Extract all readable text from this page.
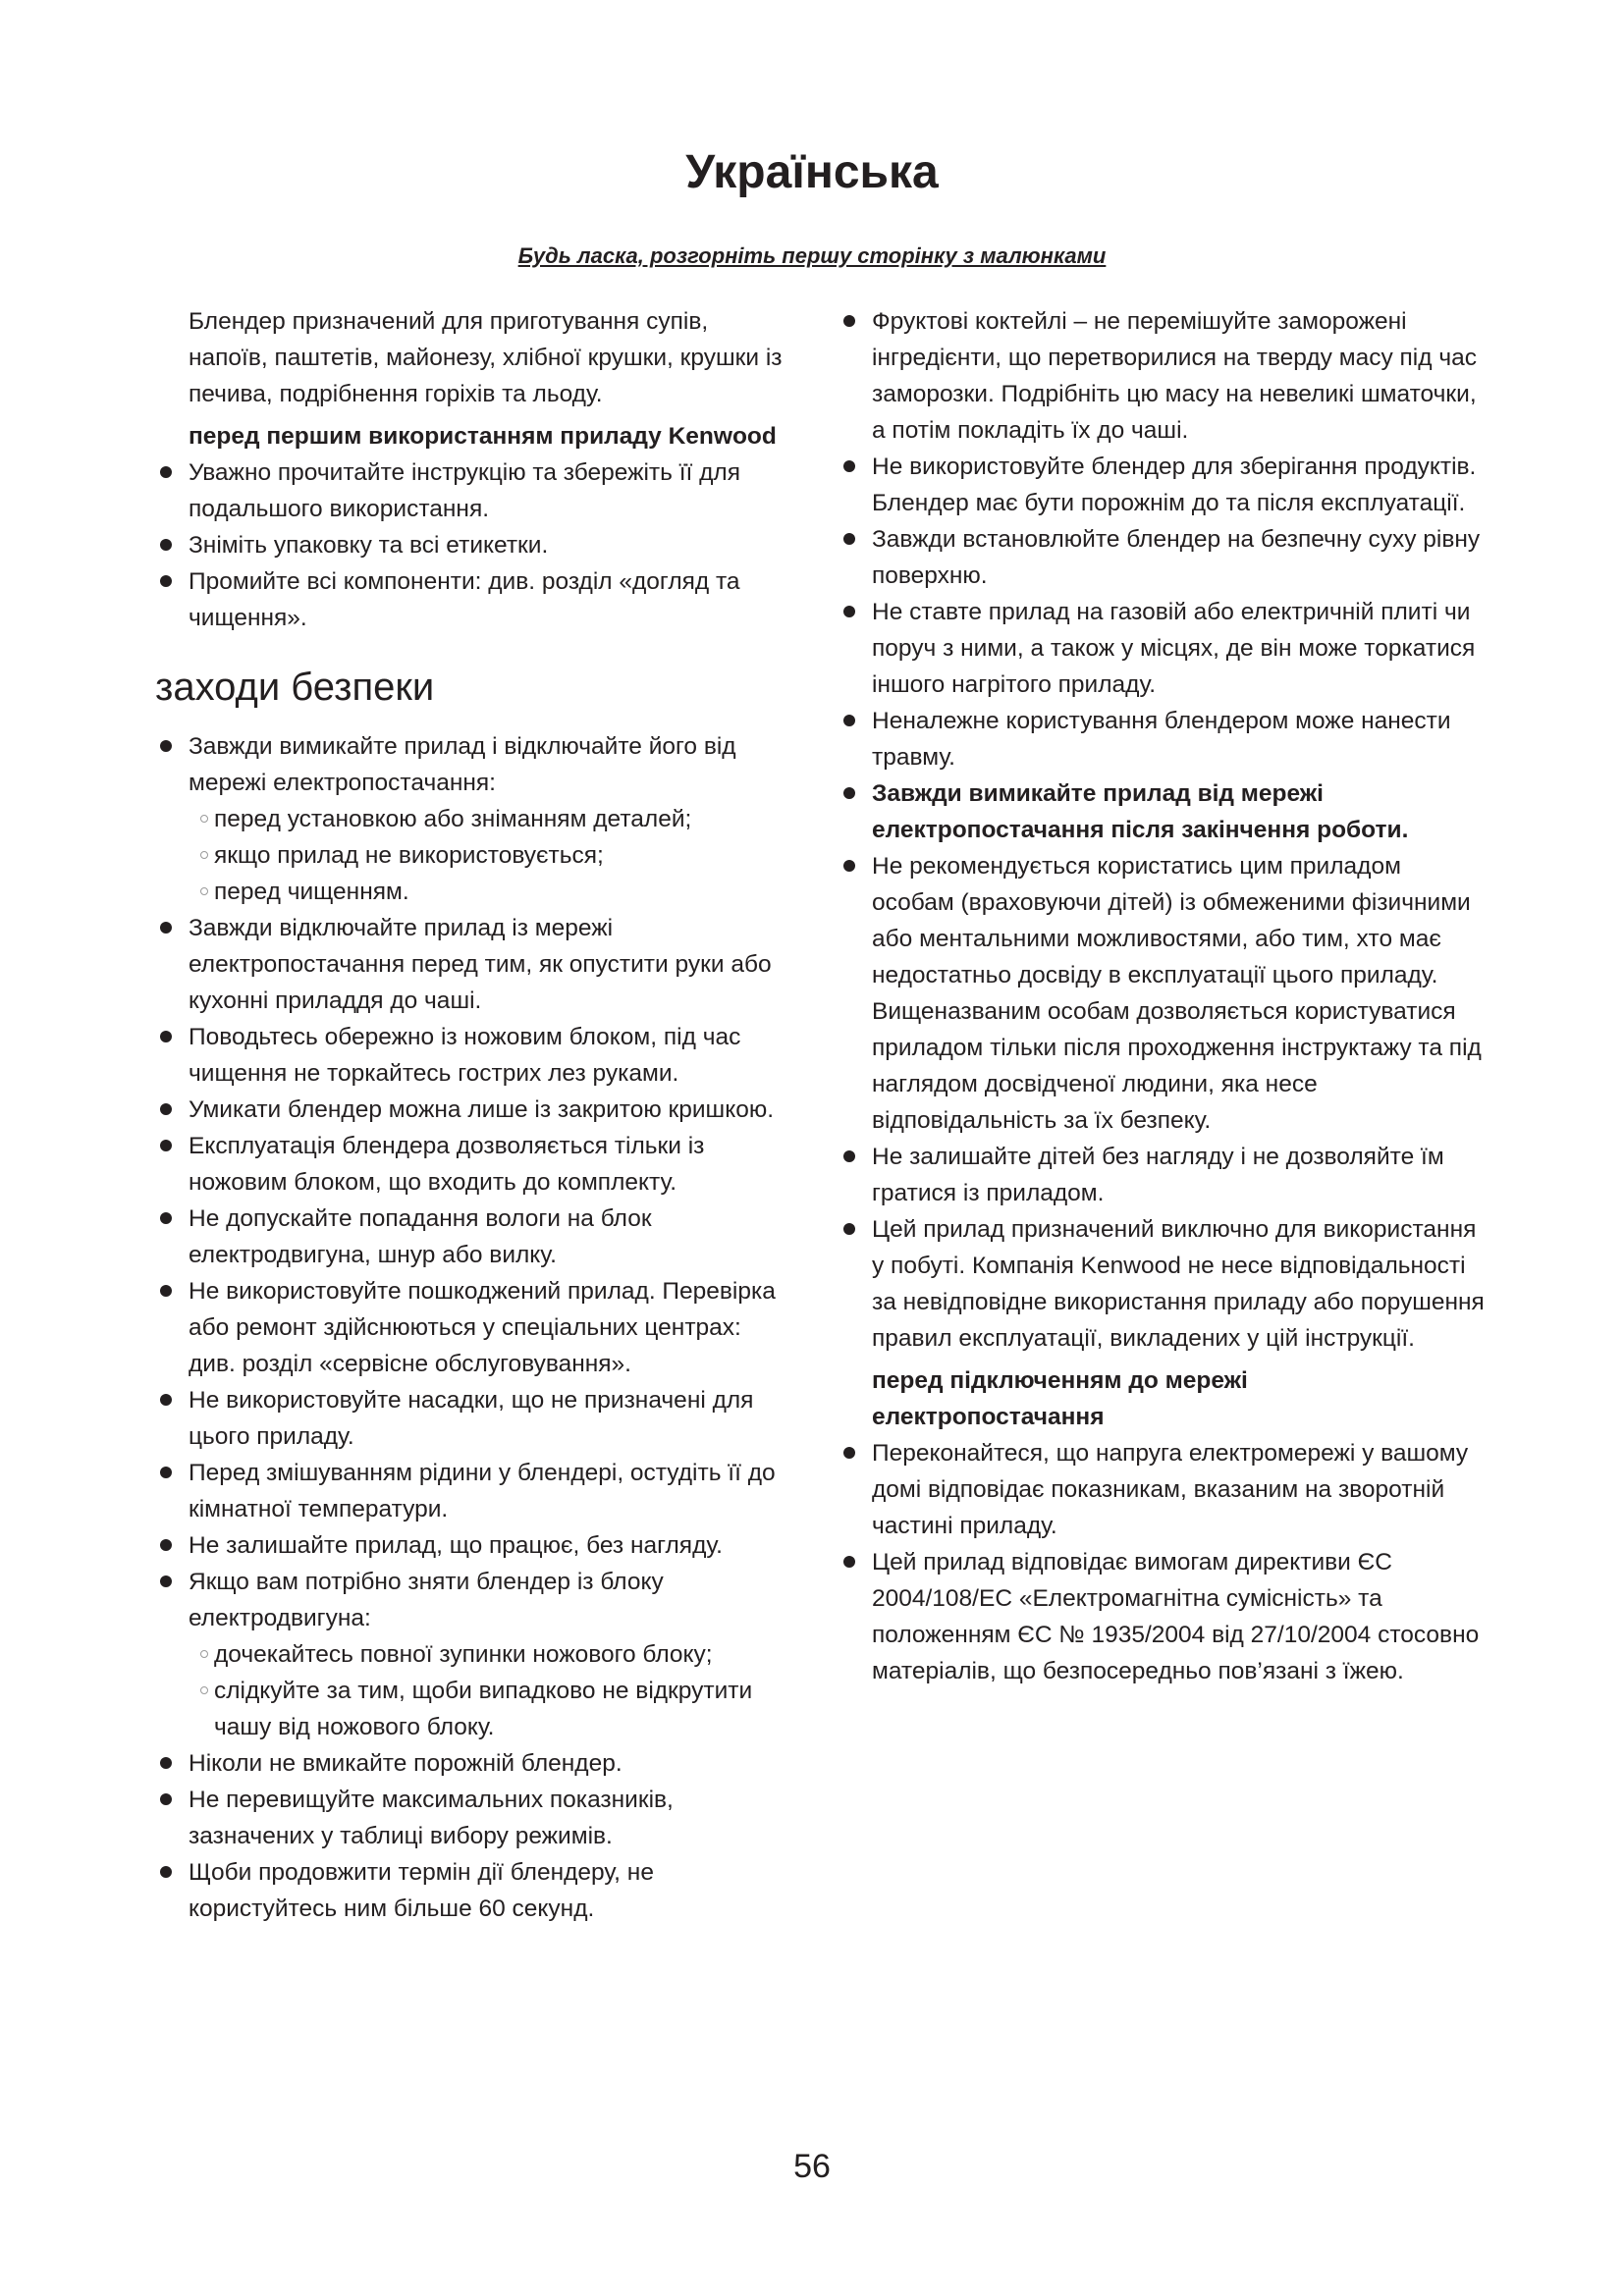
Українська

Будь ласка, розгорніть першу сторінку з малюнками

Блендер призначений для приготування супів, напоїв, паштетів, майонезу, хлібної крушки, крушки із печива, подрібнення горіхів та льоду.

перед першим використанням приладу Kenwood

Уважно прочитайте інструкцію та збережіть її для подальшого використання.
Зніміть упаковку та всі етикетки.
Промийте всі компоненти: див. розділ «догляд та чищення».
заходи безпеки
Завжди вимикайте прилад і відключайте його від мережі електропостачання:
перед установкою або зніманням деталей;
якщо прилад не використовується;
перед чищенням.
Завжди відключайте прилад із мережі електропостачання перед тим, як опустити руки або кухонні приладдя до чаші.
Поводьтесь обережно із ножовим блоком, під час чищення не торкайтесь гострих лез руками.
Умикати блендер можна лише із закритою кришкою.
Експлуатація блендера дозволяється тільки із ножовим блоком, що входить до комплекту.
Не допускайте попадання вологи на блок електродвигуна, шнур або вилку.
Не використовуйте пошкоджений прилад. Перевірка або ремонт здійснюються у спеціальних центрах: див. розділ «сервісне обслуговування».
Не використовуйте насадки, що не призначені для цього приладу.
Перед змішуванням рідини у блендері, остудіть її до кімнатної температури.
Не залишайте прилад, що працює, без нагляду.
Якщо вам потрібно зняти блендер із блоку електродвигуна:
дочекайтесь повної зупинки ножового блоку;
слідкуйте за тим, щоби випадково не відкрутити чашу від ножового блоку.
Ніколи не вмикайте порожній блендер.
Не перевищуйте максимальних показників, зазначених у таблиці вибору режимів.
Щоби продовжити термін дії блендеру, не користуйтесь ним більше 60 секунд.
Фруктові коктейлі – не перемішуйте заморожені інгредієнти, що перетворилися на тверду масу під час заморозки. Подрібніть цю масу на невеликі шматочки, а потім покладіть їх до чаші.
Не використовуйте блендер для зберігання продуктів. Блендер має бути порожнім до та після експлуатації.
Завжди встановлюйте блендер на безпечну суху рівну поверхню.
Не ставте прилад на газовій або електричній плиті чи поруч з ними, а також у місцях, де він може торкатися іншого нагрітого приладу.
Неналежне користування блендером може нанести травму.
Завжди вимикайте прилад від мережі електропостачання після закінчення роботи.
Не рекомендується користатись цим приладом особам (враховуючи дітей) із обмеженими фізичними або ментальними можливостями, або тим, хто має недостатньо досвіду в експлуатації цього приладу. Вищеназваним особам дозволяється користуватися приладом тільки після проходження інструктажу та під наглядом досвідченої людини, яка несе відповідальність за їх безпеку.
Не залишайте дітей без нагляду і не дозволяйте їм гратися із приладом.
Цей прилад призначений виключно для використання у побуті. Компанія Kenwood не несе відповідальності за невідповідне використання приладу або порушення правил експлуатації, викладених у цій інструкції.

перед підключенням до мережі електропостачання

Переконайтеся, що напруга електромережі у вашому домі відповідає показникам, вказаним на зворотній частині приладу.
Цей прилад відповідає вимогам директиви ЄС 2004/108/ЕС «Електромагнітна сумісність» та положенням ЄС № 1935/2004 від 27/10/2004 стосовно матеріалів, що безпосередньо пов’язані з їжею.

56
